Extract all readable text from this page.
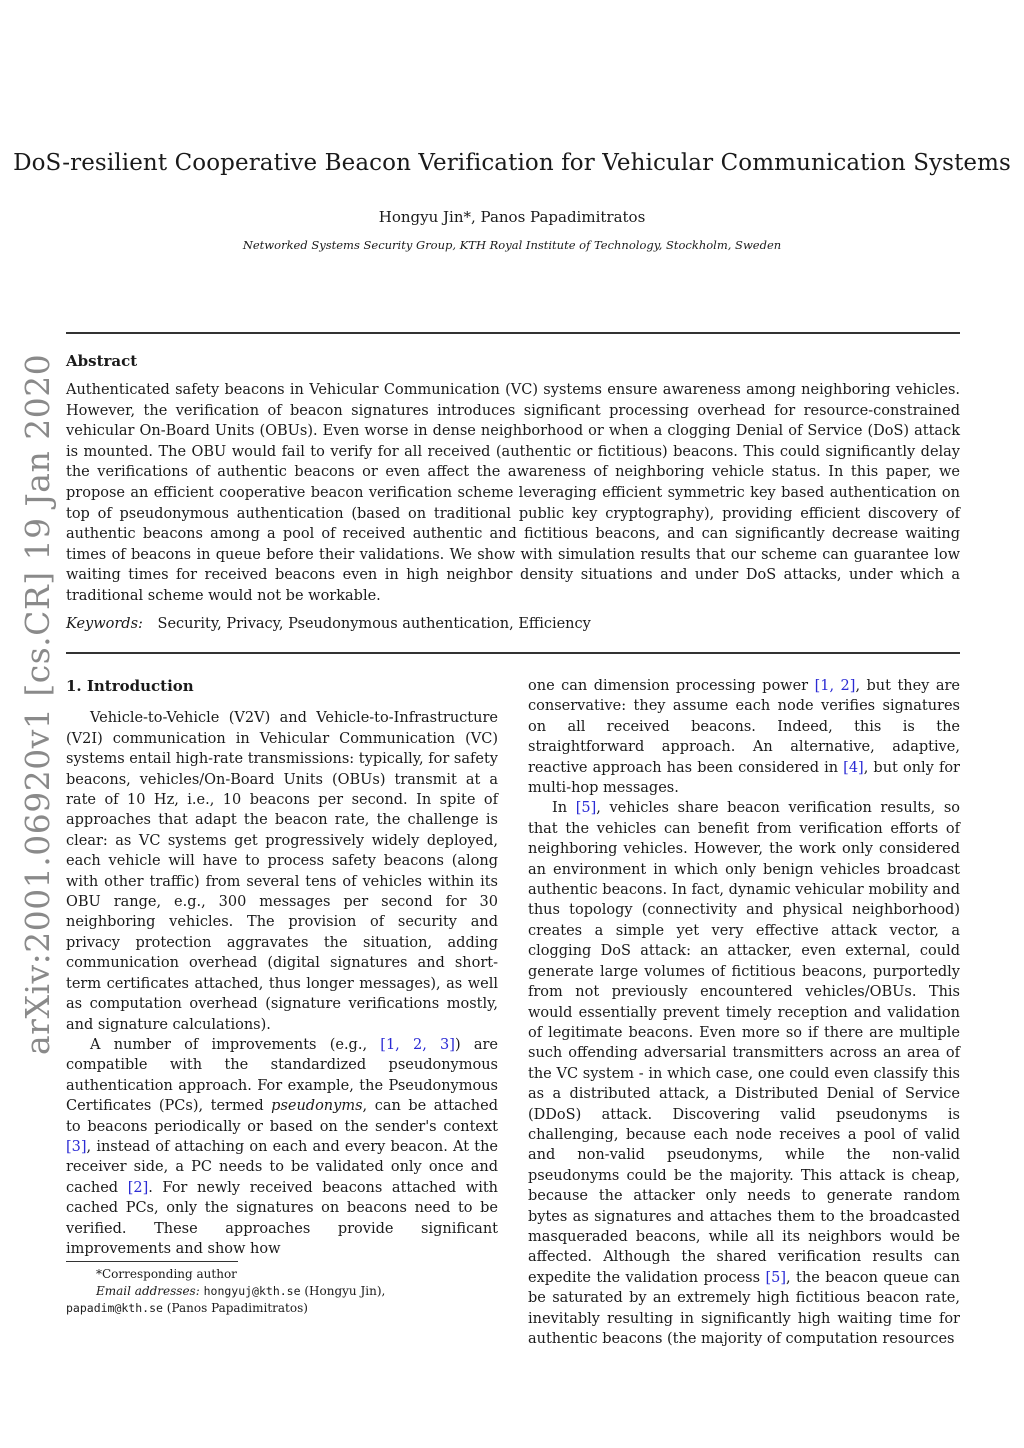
arXiv:2001.06920v1 [cs.CR] 19 Jan 2020
DoS-resilient Cooperative Beacon Verification for Vehicular Communication Systems
Hongyu Jin*, Panos Papadimitratos
Networked Systems Security Group, KTH Royal Institute of Technology, Stockholm, Sweden
Abstract

Authenticated safety beacons in Vehicular Communication (VC) systems ensure awareness among neighboring vehicles. However, the verification of beacon signatures introduces significant processing overhead for resource-constrained vehicular On-Board Units (OBUs). Even worse in dense neighborhood or when a clogging Denial of Service (DoS) attack is mounted. The OBU would fail to verify for all received (authentic or fictitious) beacons. This could significantly delay the verifications of authentic beacons or even affect the awareness of neighboring vehicle status. In this paper, we propose an efficient cooperative beacon verification scheme leveraging efficient symmetric key based authentication on top of pseudonymous authentication (based on traditional public key cryptography), providing efficient discovery of authentic beacons among a pool of received authentic and fictitious beacons, and can significantly decrease waiting times of beacons in queue before their validations. We show with simulation results that our scheme can guarantee low waiting times for received beacons even in high neighbor density situations and under DoS attacks, under which a traditional scheme would not be workable.

Keywords: Security, Privacy, Pseudonymous authentication, Efficiency
1. Introduction

Vehicle-to-Vehicle (V2V) and Vehicle-to-Infrastructure (V2I) communication in Vehicular Communication (VC) systems entail high-rate transmissions: typically, for safety beacons, vehicles/On-Board Units (OBUs) transmit at a rate of 10 Hz, i.e., 10 beacons per second. In spite of approaches that adapt the beacon rate, the challenge is clear: as VC systems get progressively widely deployed, each vehicle will have to process safety beacons (along with other traffic) from several tens of vehicles within its OBU range, e.g., 300 messages per second for 30 neighboring vehicles. The provision of security and privacy protection aggravates the situation, adding communication overhead (digital signatures and short-term certificates attached, thus longer messages), as well as computation overhead (signature verifications mostly, and signature calculations).

A number of improvements (e.g., [1, 2, 3]) are compatible with the standardized pseudonymous authentication approach. For example, the Pseudonymous Certificates (PCs), termed pseudonyms, can be attached to beacons periodically or based on the sender's context [3], instead of attaching on each and every beacon. At the receiver side, a PC needs to be validated only once and cached [2]. For newly received beacons attached with cached PCs, only the signatures on beacons need to be verified. These approaches provide significant improvements and show how

one can dimension processing power [1, 2], but they are conservative: they assume each node verifies signatures on all received beacons. Indeed, this is the straightforward approach. An alternative, adaptive, reactive approach has been considered in [4], but only for multi-hop messages.

In [5], vehicles share beacon verification results, so that the vehicles can benefit from verification efforts of neighboring vehicles. However, the work only considered an environment in which only benign vehicles broadcast authentic beacons. In fact, dynamic vehicular mobility and thus topology (connectivity and physical neighborhood) creates a simple yet very effective attack vector, a clogging DoS attack: an attacker, even external, could generate large volumes of fictitious beacons, purportedly from not previously encountered vehicles/OBUs. This would essentially prevent timely reception and validation of legitimate beacons. Even more so if there are multiple such offending adversarial transmitters across an area of the VC system - in which case, one could even classify this as a distributed attack, a Distributed Denial of Service (DDoS) attack. Discovering valid pseudonyms is challenging, because each node receives a pool of valid and non-valid pseudonyms, while the non-valid pseudonyms could be the majority. This attack is cheap, because the attacker only needs to generate random bytes as signatures and attaches them to the broadcasted masqueraded beacons, while all its neighbors would be affected. Although the shared verification results can expedite the validation process [5], the beacon queue can be saturated by an extremely high fictitious beacon rate, inevitably resulting in significantly high waiting time for authentic beacons (the majority of computation resources

*Corresponding author
Email addresses: hongyuj@kth.se (Hongyu Jin),
papadim@kth.se (Panos Papadimitratos)
